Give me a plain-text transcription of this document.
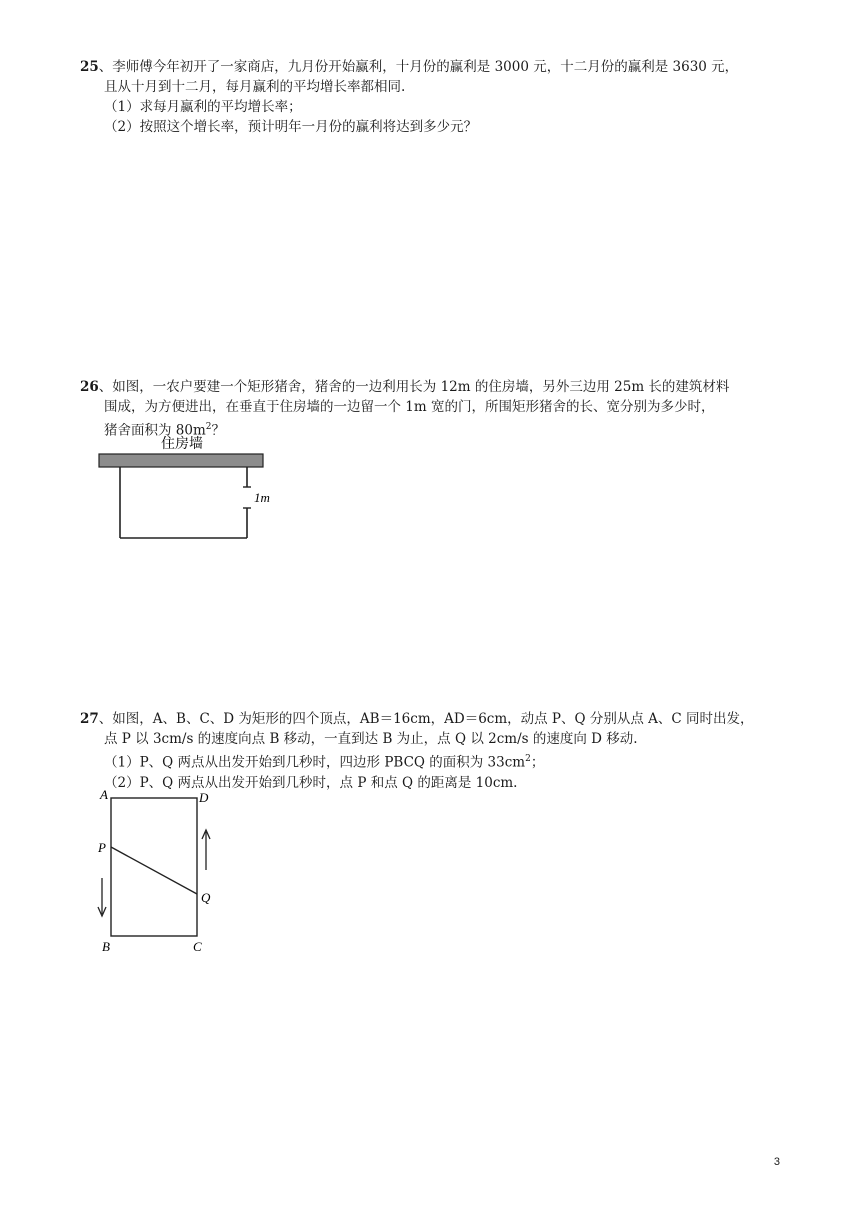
25、李师傅今年初开了一家商店，九月份开始赢利，十月份的赢利是 3000 元，十二月份的赢利是 3630 元，

且从十月到十二月，每月赢利的平均增长率都相同.

（1）求每月赢利的平均增长率；

（2）按照这个增长率，预计明年一月份的赢利将达到多少元？

26、如图，一农户要建一个矩形猪舍，猪舍的一边利用长为 12m 的住房墙，另外三边用 25m 长的建筑材料

围成，为方便进出，在垂直于住房墙的一边留一个 1m 宽的门，所围矩形猪舍的长、宽分别为多少时，

猪舍面积为 $80m^2$？

住房墙
1m

27、如图，A、B、C、D 为矩形的四个顶点，AB＝16cm，AD＝6cm，动点 P、Q 分别从点 A、C 同时出发，

点 P 以 3cm/s 的速度向点 B 移动，一直到达 B 为止，点 Q 以 2cm/s 的速度向 D 移动.

（1）P、Q 两点从出发开始到几秒时，四边形 PBCQ 的面积为 $33cm^2$；

（2）P、Q 两点从出发开始到几秒时，点 P 和点 Q 的距离是 10cm.

A	D
P
Q
B	C
3
